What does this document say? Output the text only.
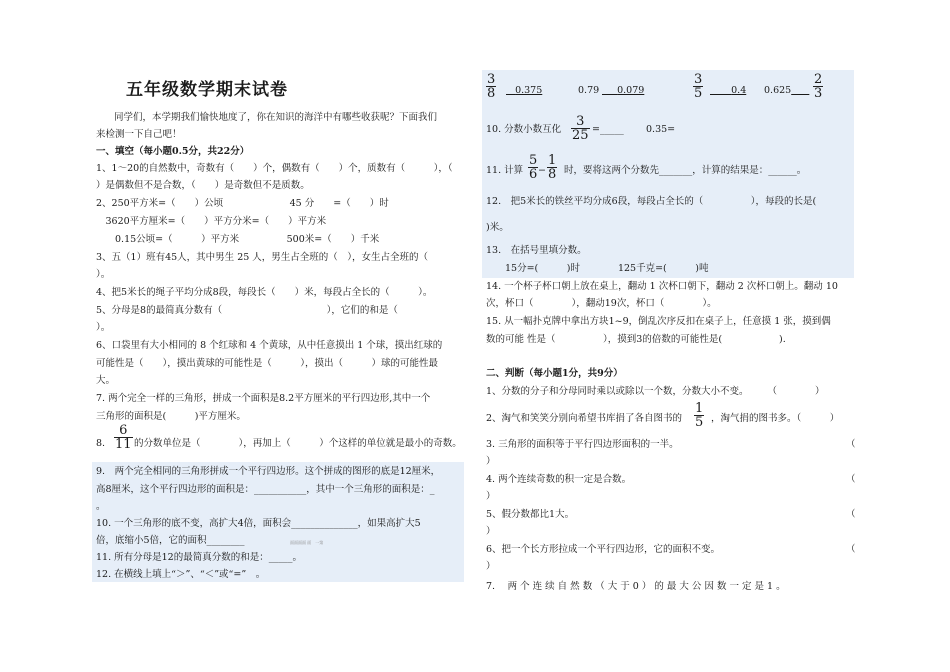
五年级数学期末试卷
同学们，本学期我们愉快地度了，你在知识的海洋中有哪些收获呢？下面我们
来检测一下自己吧！
一、填空（每小题0.5分，共22分）
1、1～20的自然数中，奇数有（　　）个，偶数有（　　）个，质数有（　　　），（
）是偶数但不是合数，（　　）是奇数但不是质数。
2、250平方米=（　　）公顷　　　　　　　45 分　　=（　　）时
　3620平方厘米=（　　）平方分米=（　　）平方米
　　0.15公顷=（　　　）平方米　　　　　500米=（　　）千米
3、五（1）班有45人，其中男生 25 人，男生占全班的（　），女生占全班的（
）。
4、把5米长的绳子平均分成8段，每段长（　　）米，每段占全长的（　　　）。
5、分母是8的最简真分数有（　　　　　　　　　　　），它们的和是（
）。
6、口袋里有大小相同的 8 个红球和 4 个黄球，从中任意摸出 1 个球，摸出红球的
可能性是（　　），摸出黄球的可能性是（　　　），摸出（　　　）球的可能性最
大。
7. 两个完全一样的三角形，拼成一个面积是8.2平方厘米的平行四边形,其中一个
三角形的面积是(　　　)平方厘米。
8. $\frac{6}{11}$ 的分数单位是（　　　　），再加上（　　　）个这样的单位就是最小的奇数。
9.　两个完全相同的三角形拼成一个平行四边形。这个拼成的图形的底是12厘米，
高8厘米，这个平行四边形的面积是：___________，其中一个三角形的面积是：_
。
10. 一个三角形的底不变，高扩大4倍，面积会______________，如果高扩大5
倍，底缩小5倍，它的面积________	面面面面 面　一第
11. 所有分母是12的最简真分数的和是：_____。
12. 在横线上填上“＞”、“＜”或“=”　。
$\frac{3}{8}$	0.375	0.79	0.079	$\frac{3}{5}$	0.4 0.625	$\frac{2}{3}$
10. 分数小数互化 $\frac{3}{25}$ =_____ 0.35=
11. 计算 $\frac{5}{6} - \frac{1}{8}$ 时，要将这两个分数先_______，计算的结果是：______。
12.　把5米长的铁丝平均分成6段，每段占全长的（　　　　　），每段的长是(
)米。
13.　在括号里填分数。
　　15分=(　　　)时　　　　125千克=(　　　)吨
14. 一个杯子杯口朝上放在桌上，翻动 1 次杯口朝下，翻动 2 次杯口朝上。翻动 10
次，杯口（　　　　），翻动19次，杯口（　　　　）。
15. 从一幅扑克牌中拿出方块1~9，倒乱次序反扣在桌子上，任意摸 1 张，摸到偶
数的可能 性是（　　　　　），摸到3的倍数的可能性是(　　　　　　).
二、判断（每小题1分，共9分）
1、分数的分子和分母同时乘以或除以一个数，分数大小不变。　　　（　　　　）
2、淘气和笑笑分别向希望书库捐了各自图书的 $\frac{1}{5}$ ，淘气捐的图书多。（　　　）
3. 三角形的面积等于平行四边形面积的一半。	（
）
4. 两个连续奇数的积一定是合数。	（
）
5、假分数都比1大。	（
）
6、把一个长方形拉成一个平行四边形，它的面积不变。	（
）
7.　 两 个 连 续 自 然 数 （ 大 于 0 ） 的 最 大 公 因 数 一 定 是 1 。
